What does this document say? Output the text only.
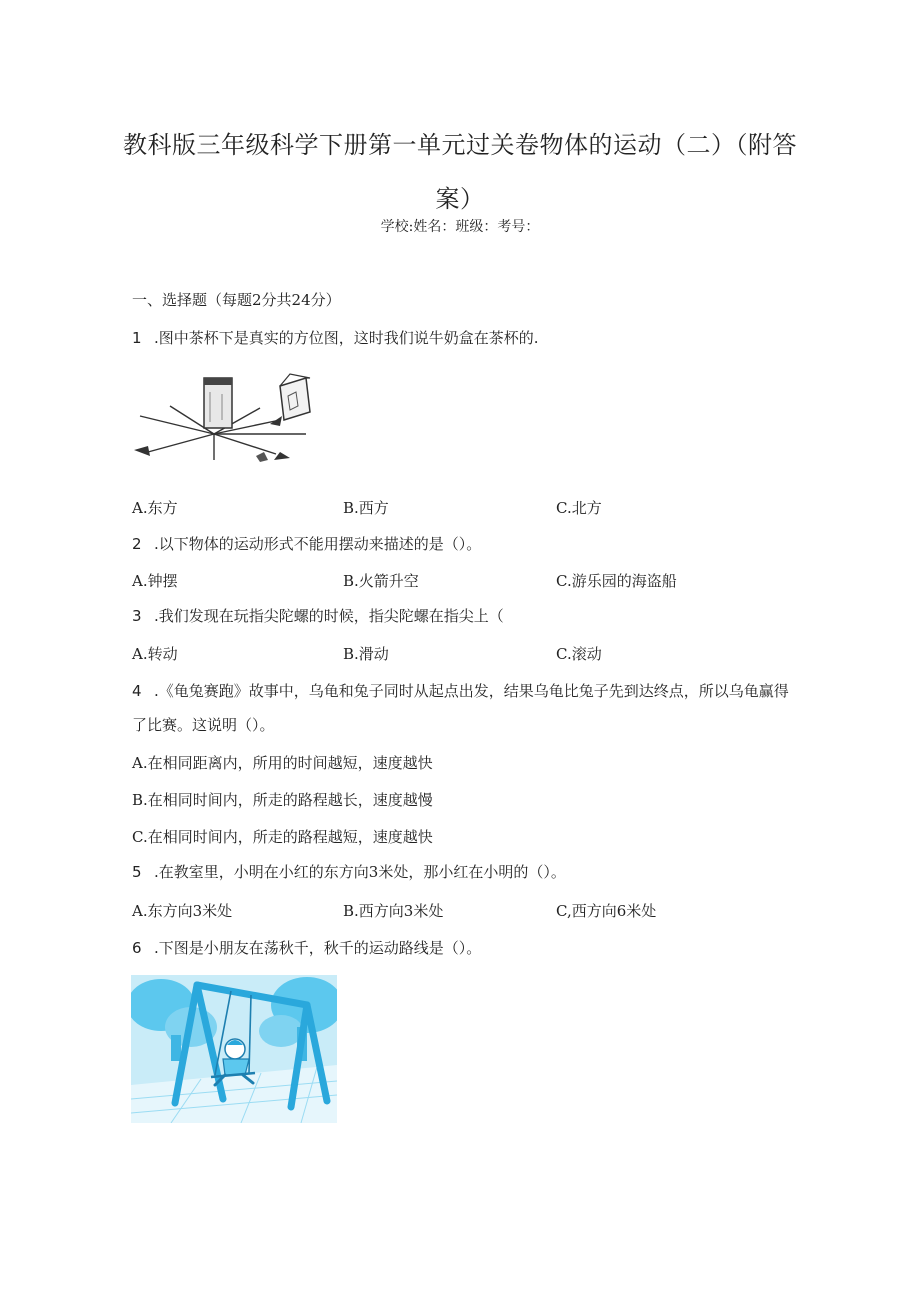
教科版三年级科学下册第一单元过关卷物体的运动（二）（附答
案）
学校:姓名：班级：考号：
一、选择题（每题2分共24分）
1 .图中茶杯下是真实的方位图，这时我们说牛奶盒在茶杯的.
A.东方	B.西方	C.北方
2 .以下物体的运动形式不能用摆动来描述的是（）。
A.钟摆	B.火箭升空	C.游乐园的海盗船
3 .我们发现在玩指尖陀螺的时候，指尖陀螺在指尖上（
A.转动	B.滑动	C.滚动
4 .《龟兔赛跑》故事中，乌龟和兔子同时从起点出发，结果乌龟比兔子先到达终点，所以乌龟赢得了比赛。这说明（）。
A.在相同距离内，所用的时间越短，速度越快
B.在相同时间内，所走的路程越长，速度越慢
C.在相同时间内，所走的路程越短，速度越快
5 .在教室里，小明在小红的东方向3米处，那小红在小明的（）。
A.东方向3米处	B.西方向3米处	C,西方向6米处
6 .下图是小朋友在荡秋千，秋千的运动路线是（）。
